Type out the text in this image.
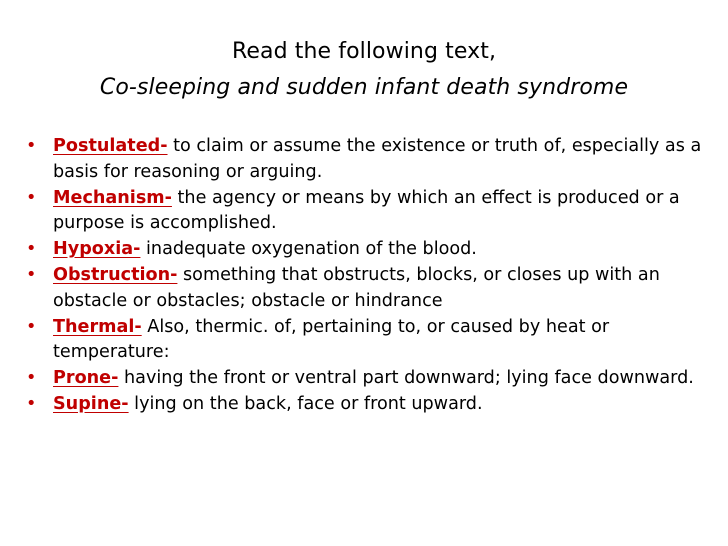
Read the following text,
Co-sleeping and sudden infant death syndrome
• Postulated- to claim or assume the existence or truth of, especially as a basis for reasoning or arguing.
• Mechanism- the agency or means by which an effect is produced or a purpose is accomplished.
• Hypoxia- inadequate oxygenation of the blood.
• Obstruction- something that obstructs, blocks, or closes up with an obstacle or obstacles; obstacle or hindrance
• Thermal- Also, thermic. of, pertaining to, or caused by heat or temperature:
• Prone- having the front or ventral part downward; lying face downward.
• Supine- lying on the back, face or front upward.
